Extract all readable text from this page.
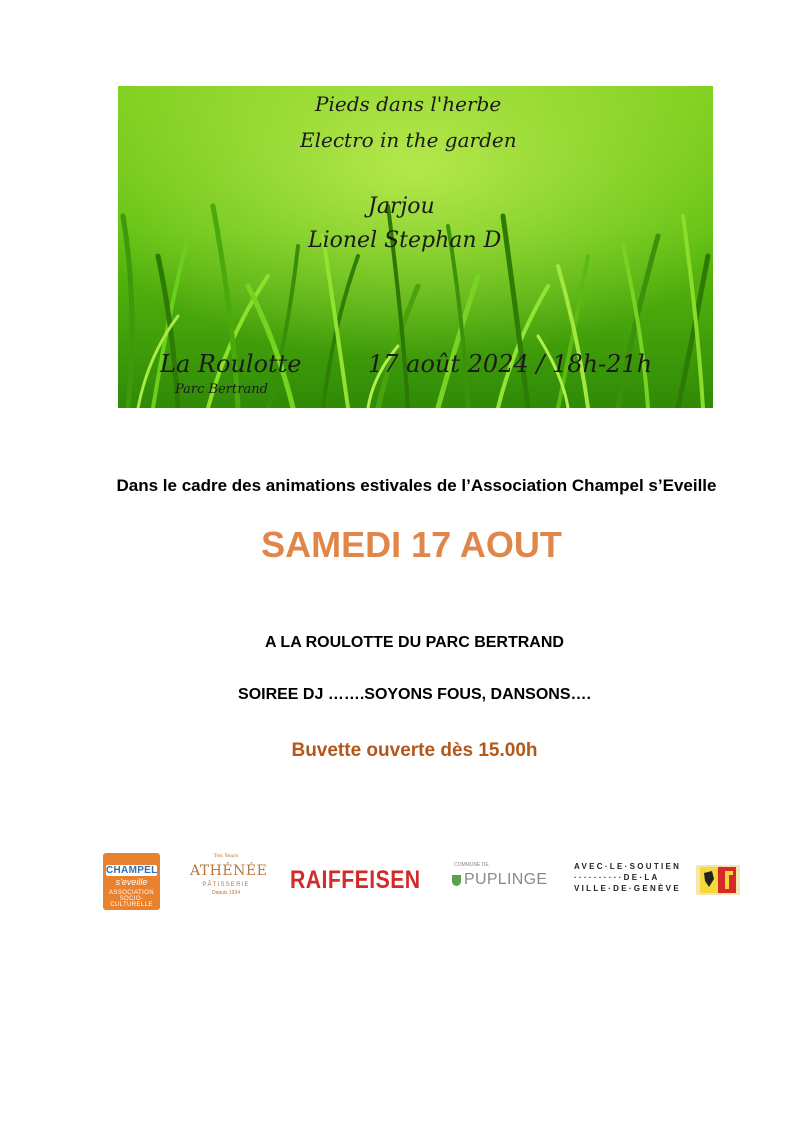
Pieds dans l'herbe
Electro in the garden
Jarjou
Lionel Stephan D
La Roulotte
Parc Bertrand
17 août 2024 / 18h-21h
Dans le cadre des animations estivales de l’Association Champel s’Eveille
SAMEDI 17 AOUT
A LA ROULOTTE DU PARC BERTRAND
SOIREE DJ …….SOYONS FOUS, DANSONS….
Buvette ouverte dès 15.00h
CHAMPEL
s'eveille
ASSOCIATION SOCIO-CULTURELLE
Ten Years
ATHÉNÉE
PÂTISSERIE
Depuis 1934	RAIFFEISEN
COMMUNE DE
PUPLINGE
AVEC·LE·SOUTIEN
··········DE·LA
VILLE·DE·GENÈVE
